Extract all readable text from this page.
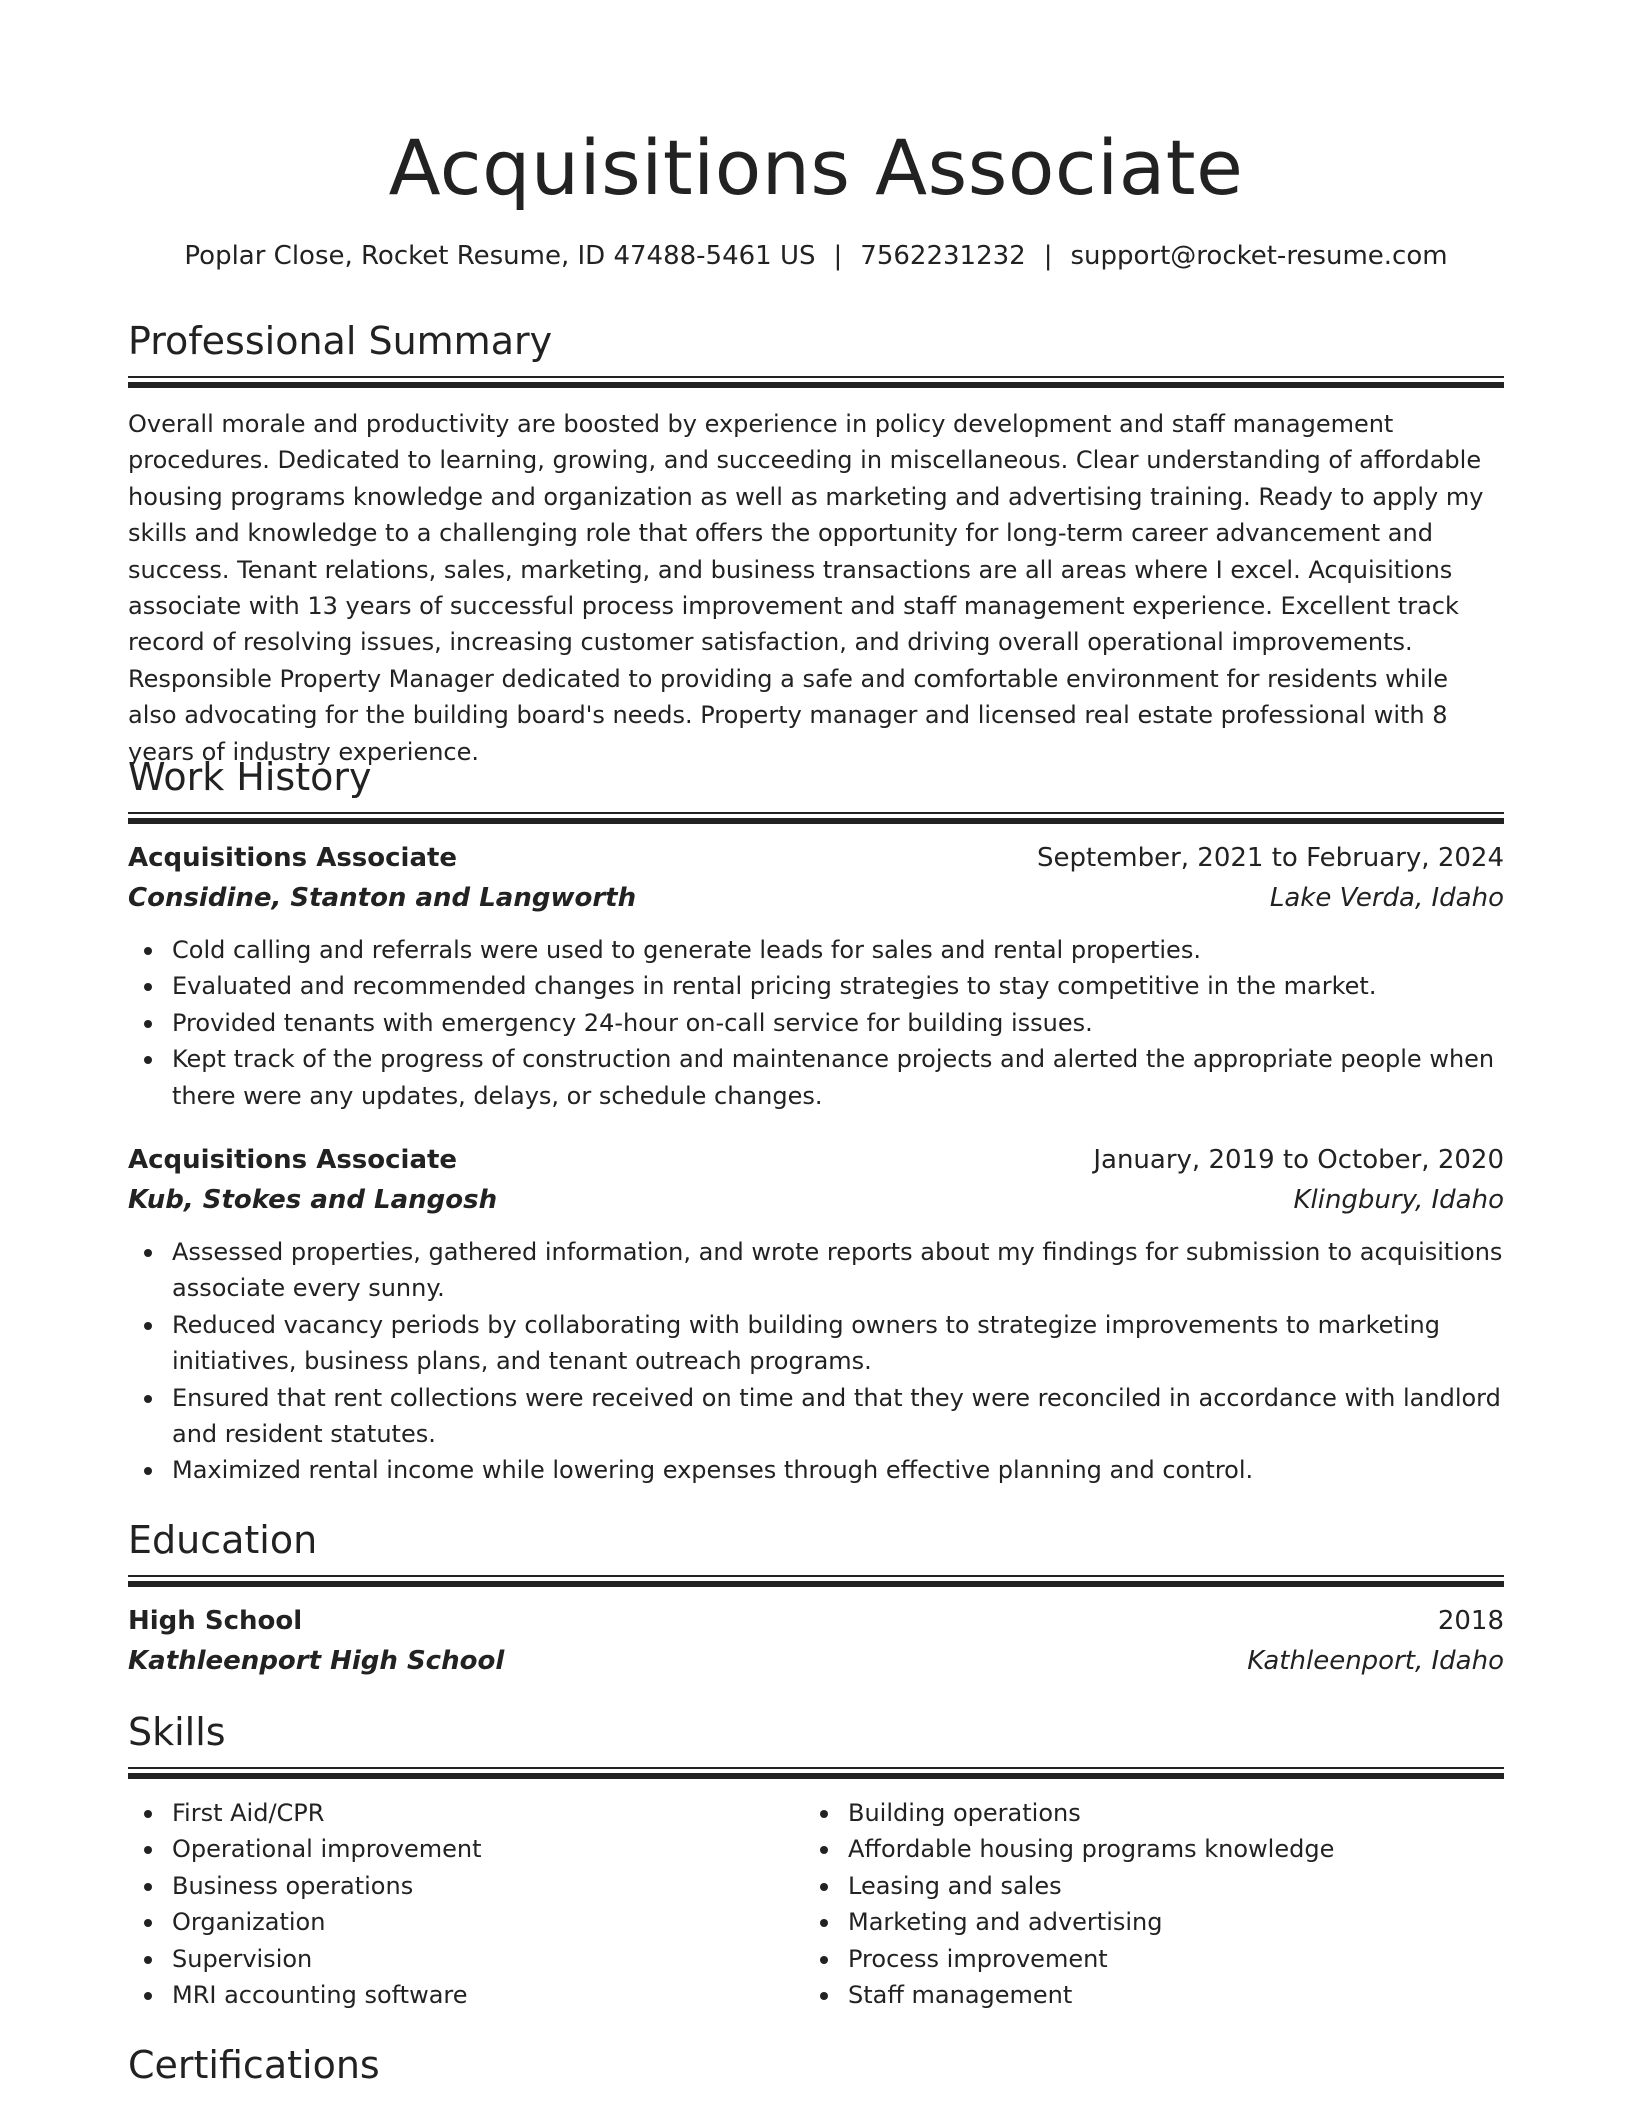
Acquisitions Associate
Poplar Close, Rocket Resume, ID 47488-5461 US | 7562231232 | support@rocket-resume.com
Professional Summary
Overall morale and productivity are boosted by experience in policy development and staff management procedures. Dedicated to learning, growing, and succeeding in miscellaneous. Clear understanding of affordable housing programs knowledge and organization as well as marketing and advertising training. Ready to apply my skills and knowledge to a challenging role that offers the opportunity for long-term career advancement and success. Tenant relations, sales, marketing, and business transactions are all areas where I excel. Acquisitions associate with 13 years of successful process improvement and staff management experience. Excellent track record of resolving issues, increasing customer satisfaction, and driving overall operational improvements. Responsible Property Manager dedicated to providing a safe and comfortable environment for residents while also advocating for the building board's needs. Property manager and licensed real estate professional with 8 years of industry experience.
Work History
Acquisitions Associate	September, 2021 to February, 2024
Considine, Stanton and Langworth	Lake Verda, Idaho
Cold calling and referrals were used to generate leads for sales and rental properties.
Evaluated and recommended changes in rental pricing strategies to stay competitive in the market.
Provided tenants with emergency 24-hour on-call service for building issues.
Kept track of the progress of construction and maintenance projects and alerted the appropriate people when there were any updates, delays, or schedule changes.
Acquisitions Associate	January, 2019 to October, 2020
Kub, Stokes and Langosh	Klingbury, Idaho
Assessed properties, gathered information, and wrote reports about my findings for submission to acquisitions associate every sunny.
Reduced vacancy periods by collaborating with building owners to strategize improvements to marketing initiatives, business plans, and tenant outreach programs.
Ensured that rent collections were received on time and that they were reconciled in accordance with landlord and resident statutes.
Maximized rental income while lowering expenses through effective planning and control.
Education
High School	2018
Kathleenport High School	Kathleenport, Idaho
Skills
First Aid/CPR
Operational improvement
Business operations
Organization
Supervision
MRI accounting software
Building operations
Affordable housing programs knowledge
Leasing and sales
Marketing and advertising
Process improvement
Staff management
Certifications
